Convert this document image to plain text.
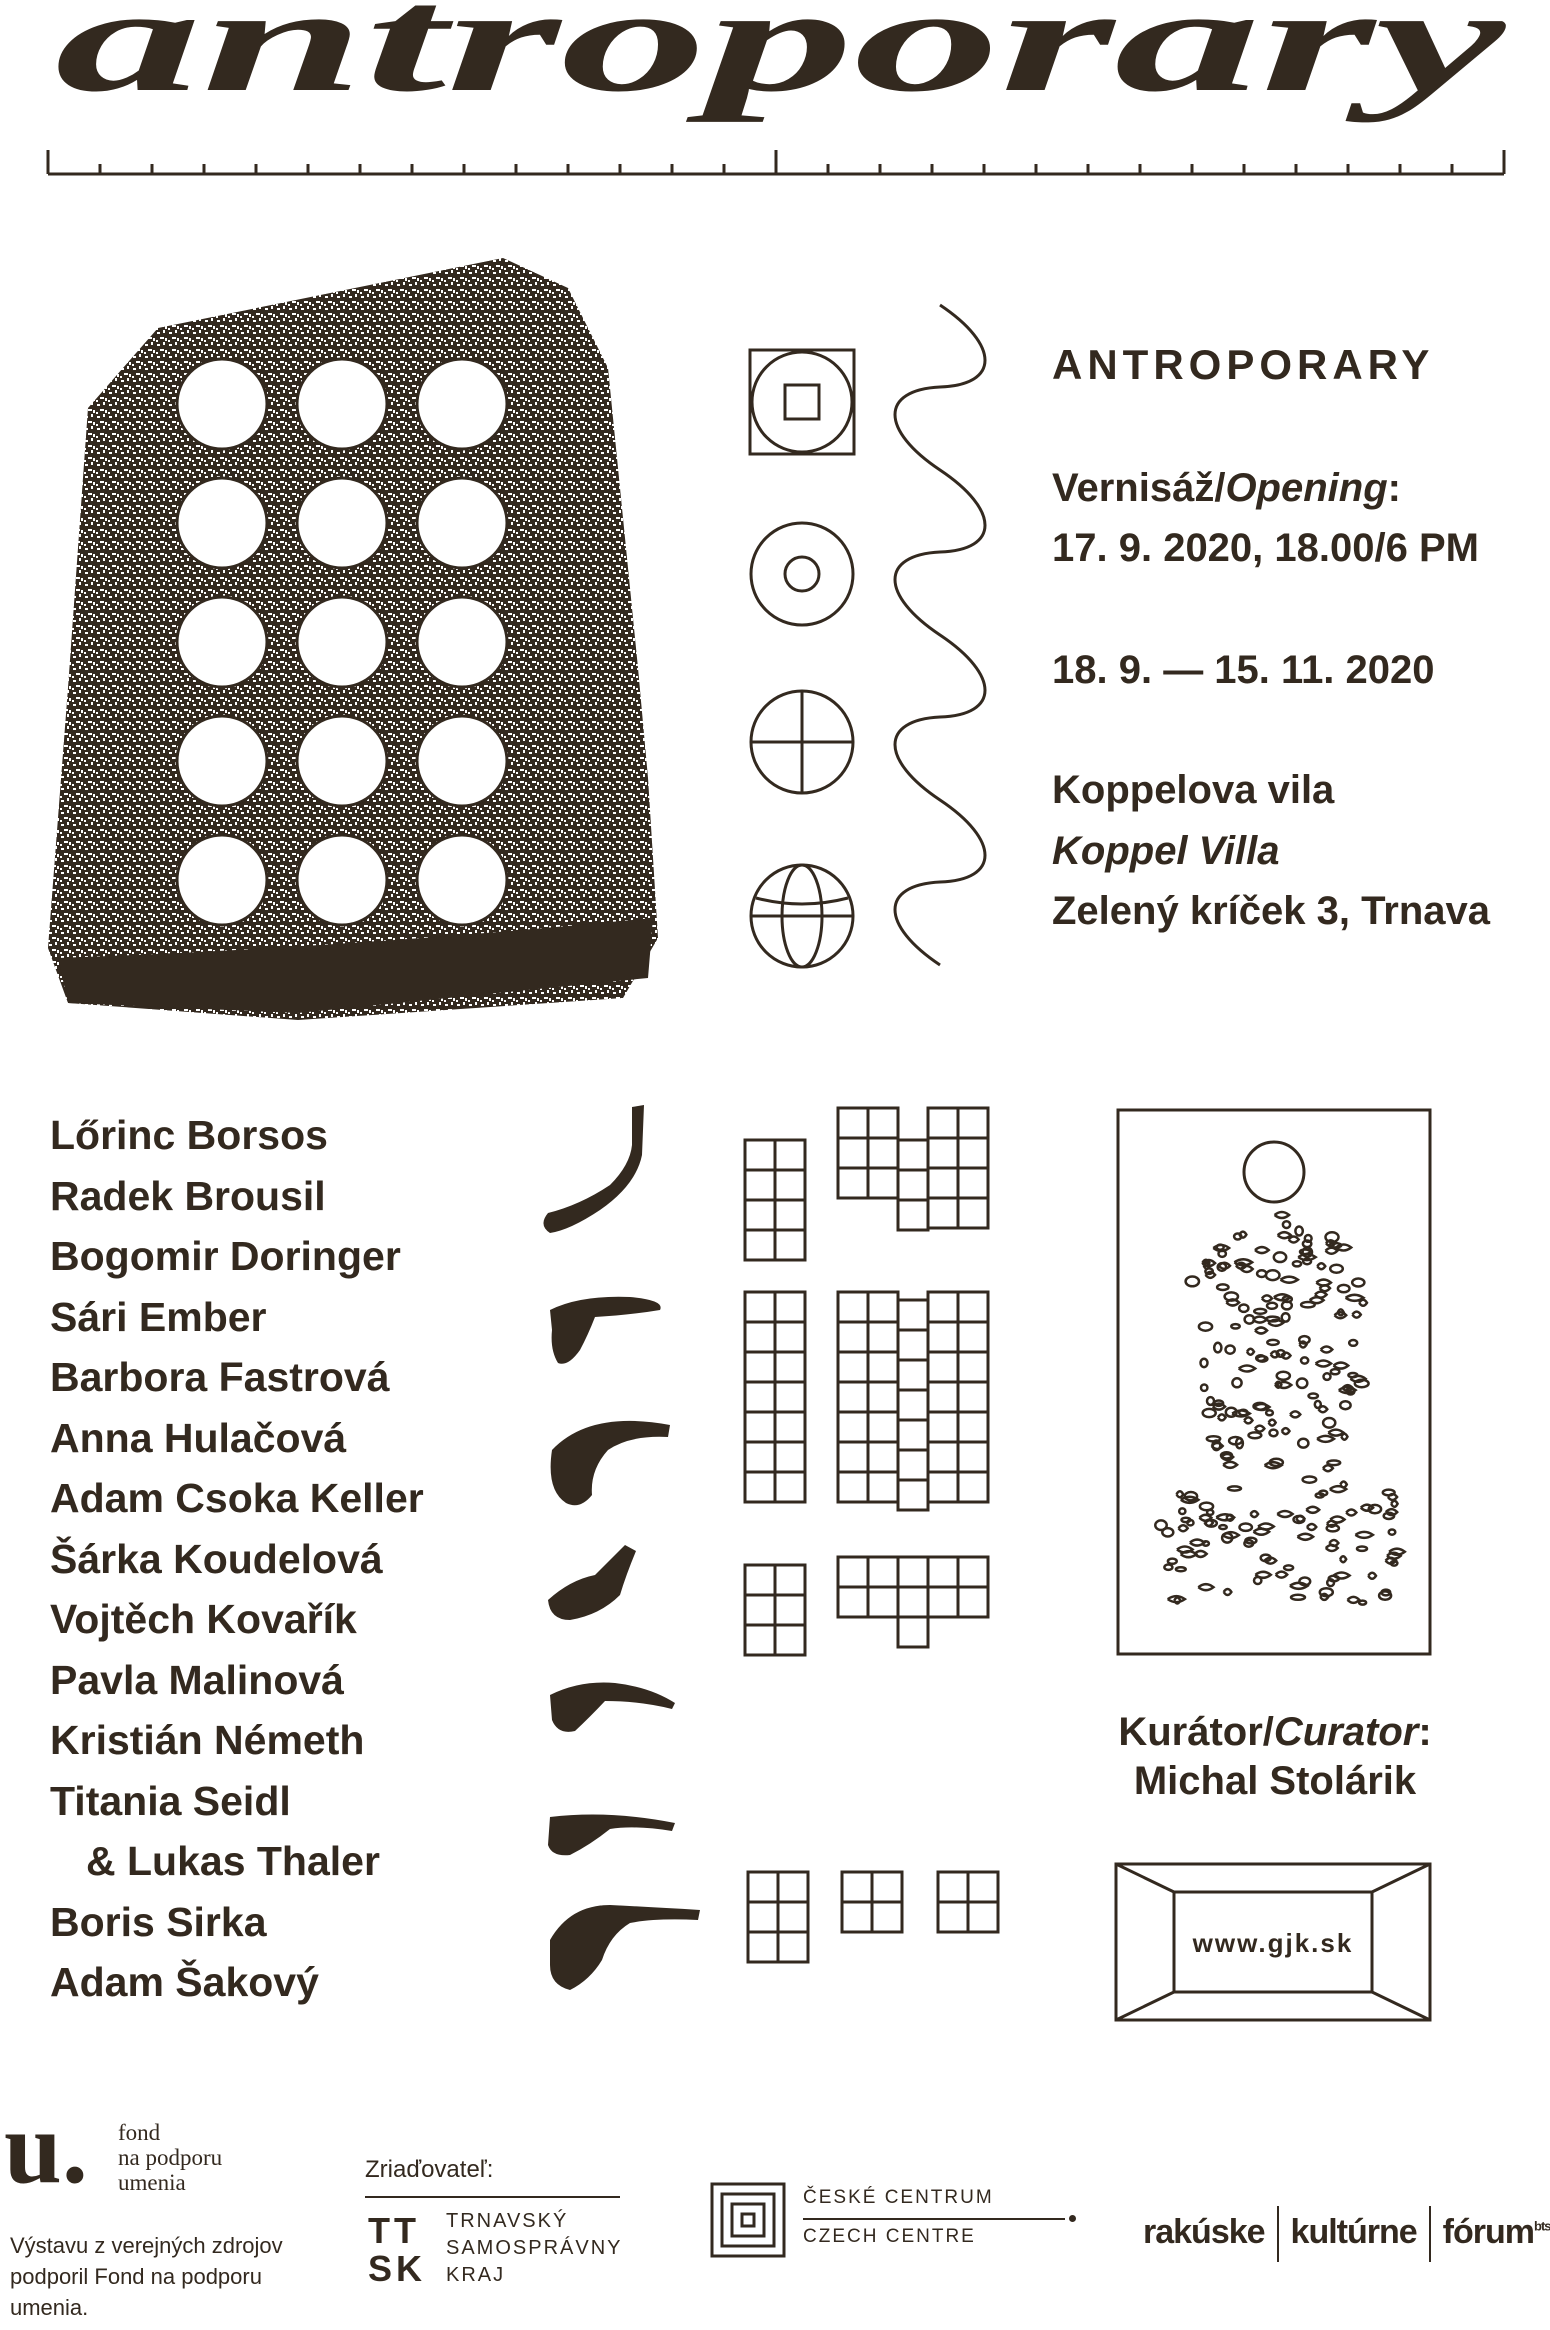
antroporary
ANTROPORARY
Vernisáž/Opening:
17. 9. 2020, 18.00/6 PM
18. 9. — 15. 11. 2020
Koppelova vila
Koppel Villa
Zelený kríček 3, Trnava
Lőrinc Borsos
Radek Brousil
Bogomir Doringer
Sári Ember
Barbora Fastrová
Anna Hulačová
Adam Csoka Keller
Šárka Koudelová
Vojtěch Kovařík
Pavla Malinová
Kristián Németh
Titania Seidl
& Lukas Thaler
Boris Sirka
Adam Šakový
Kurátor/Curator:
Michal Stolárik
www.gjk.sk
u. fond
na podporu
umenia
Výstavu z verejných zdrojov podporil Fond na podporu umenia.
Zriaďovateľ:
TT
SK
TRNAVSKÝ
SAMOSPRÁVNY
KRAJ
ČESKÉ CENTRUM
CZECH CENTRE	rakúske kultúrne fórum$^{bts}$
